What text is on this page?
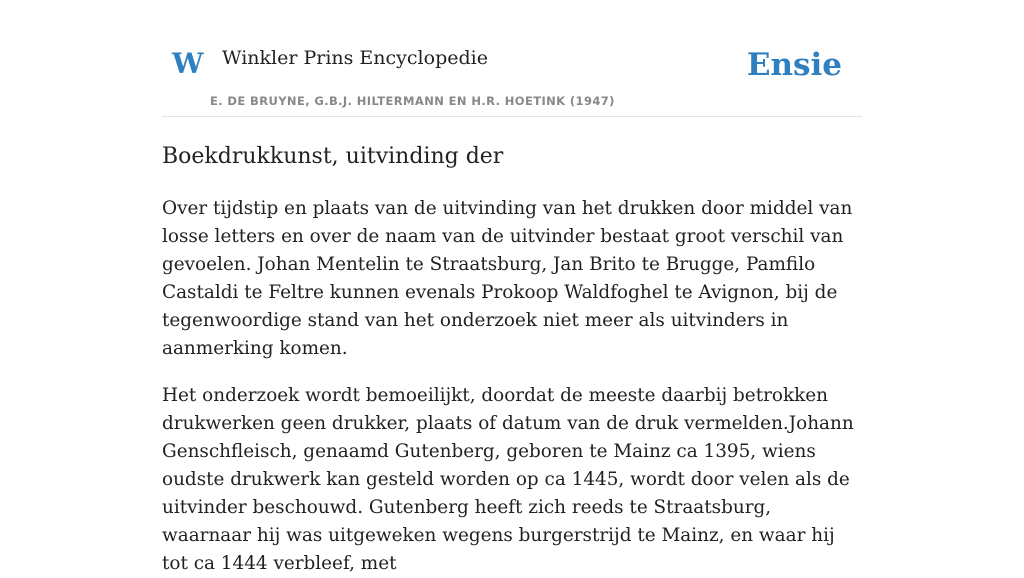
W Winkler Prins Encyclopedie
E. DE BRUYNE, G.B.J. HILTERMANN EN H.R. HOETINK (1947)
Ensie
Boekdrukkunst, uitvinding der

Over tijdstip en plaats van de uitvinding van het drukken door middel van losse letters en over de naam van de uitvinder bestaat groot verschil van gevoelen. Johan Mentelin te Straatsburg, Jan Brito te Brugge, Pamfilo Castaldi te Feltre kunnen evenals Prokoop Waldfoghel te Avignon, bij de tegenwoordige stand van het onderzoek niet meer als uitvinders in aanmerking komen.

Het onderzoek wordt bemoeilijkt, doordat de meeste daarbij betrokken drukwerken geen drukker, plaats of datum van de druk vermelden.Johann Genschfleisch, genaamd Gutenberg, geboren te Mainz ca 1395, wiens oudste drukwerk kan gesteld worden op ca 1445, wordt door velen als de uitvinder beschouwd. Gutenberg heeft zich reeds te Straatsburg, waarnaar hij was uitgeweken wegens burgerstrijd te Mainz, en waar hij tot ca 1444 verbleef, met
